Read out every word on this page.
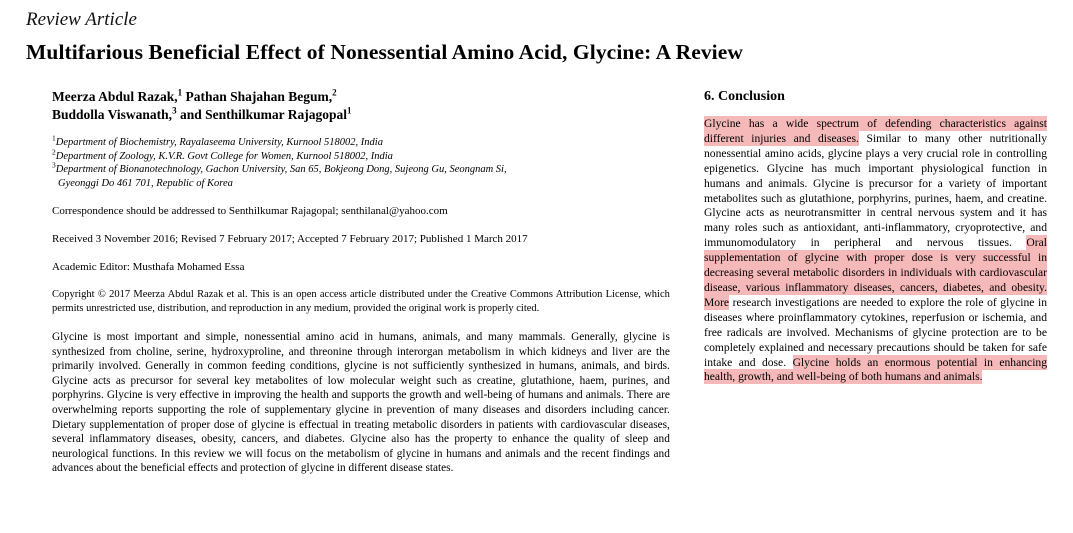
Review Article
Multifarious Beneficial Effect of Nonessential Amino Acid, Glycine: A Review
Meerza Abdul Razak,$^1$ Pathan Shajahan Begum,$^2$
Buddolla Viswanath,$^3$ and Senthilkumar Rajagopal$^1$
$^1$Department of Biochemistry, Rayalaseema University, Kurnool 518002, India
$^2$Department of Zoology, K.V.R. Govt College for Women, Kurnool 518002, India
$^3$Department of Bionanotechnology, Gachon University, San 65, Bokjeong Dong, Sujeong Gu, Seongnam Si,
Gyeonggi Do 461 701, Republic of Korea
Correspondence should be addressed to Senthilkumar Rajagopal; senthilanal@yahoo.com
Received 3 November 2016; Revised 7 February 2017; Accepted 7 February 2017; Published 1 March 2017
Academic Editor: Musthafa Mohamed Essa
Copyright © 2017 Meerza Abdul Razak et al. This is an open access article distributed under the Creative Commons Attribution License, which permits unrestricted use, distribution, and reproduction in any medium, provided the original work is properly cited.
Glycine is most important and simple, nonessential amino acid in humans, animals, and many mammals. Generally, glycine is synthesized from choline, serine, hydroxyproline, and threonine through interorgan metabolism in which kidneys and liver are the primarily involved. Generally in common feeding conditions, glycine is not sufficiently synthesized in humans, animals, and birds. Glycine acts as precursor for several key metabolites of low molecular weight such as creatine, glutathione, haem, purines, and porphyrins. Glycine is very effective in improving the health and supports the growth and well-being of humans and animals. There are overwhelming reports supporting the role of supplementary glycine in prevention of many diseases and disorders including cancer. Dietary supplementation of proper dose of glycine is effectual in treating metabolic disorders in patients with cardiovascular diseases, several inflammatory diseases, obesity, cancers, and diabetes. Glycine also has the property to enhance the quality of sleep and neurological functions. In this review we will focus on the metabolism of glycine in humans and animals and the recent findings and advances about the beneficial effects and protection of glycine in different disease states.
6. Conclusion
Glycine has a wide spectrum of defending characteristics against different injuries and diseases. Similar to many other nutritionally nonessential amino acids, glycine plays a very crucial role in controlling epigenetics. Glycine has much important physiological function in humans and animals. Glycine is precursor for a variety of important metabolites such as glutathione, porphyrins, purines, haem, and creatine. Glycine acts as neurotransmitter in central nervous system and it has many roles such as antioxidant, anti-inflammatory, cryoprotective, and immunomodulatory in peripheral and nervous tissues. Oral supplementation of glycine with proper dose is very successful in decreasing several metabolic disorders in individuals with cardiovascular disease, various inflammatory diseases, cancers, diabetes, and obesity. More research investigations are needed to explore the role of glycine in diseases where proinflammatory cytokines, reperfusion or ischemia, and free radicals are involved. Mechanisms of glycine protection are to be completely explained and necessary precautions should be taken for safe intake and dose. Glycine holds an enormous potential in enhancing health, growth, and well-being of both humans and animals.
